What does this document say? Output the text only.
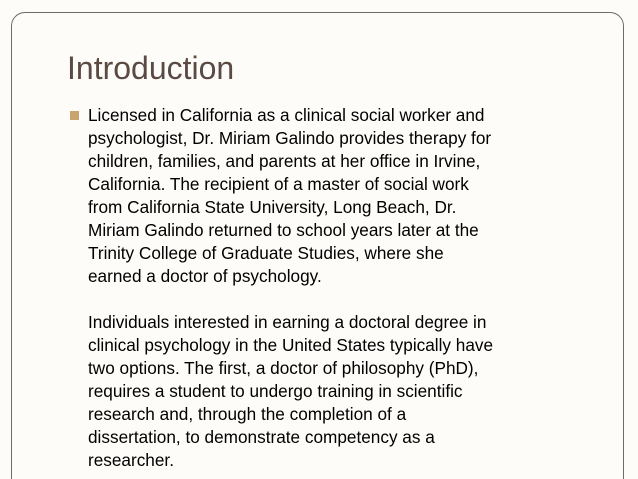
Introduction

Licensed in California as a clinical social worker and
psychologist, Dr. Miriam Galindo provides therapy for
children, families, and parents at her office in Irvine,
California. The recipient of a master of social work
from California State University, Long Beach, Dr.
Miriam Galindo returned to school years later at the
Trinity College of Graduate Studies, where she
earned a doctor of psychology.

Individuals interested in earning a doctoral degree in
clinical psychology in the United States typically have
two options. The first, a doctor of philosophy (PhD),
requires a student to undergo training in scientific
research and, through the completion of a
dissertation, to demonstrate competency as a
researcher.
